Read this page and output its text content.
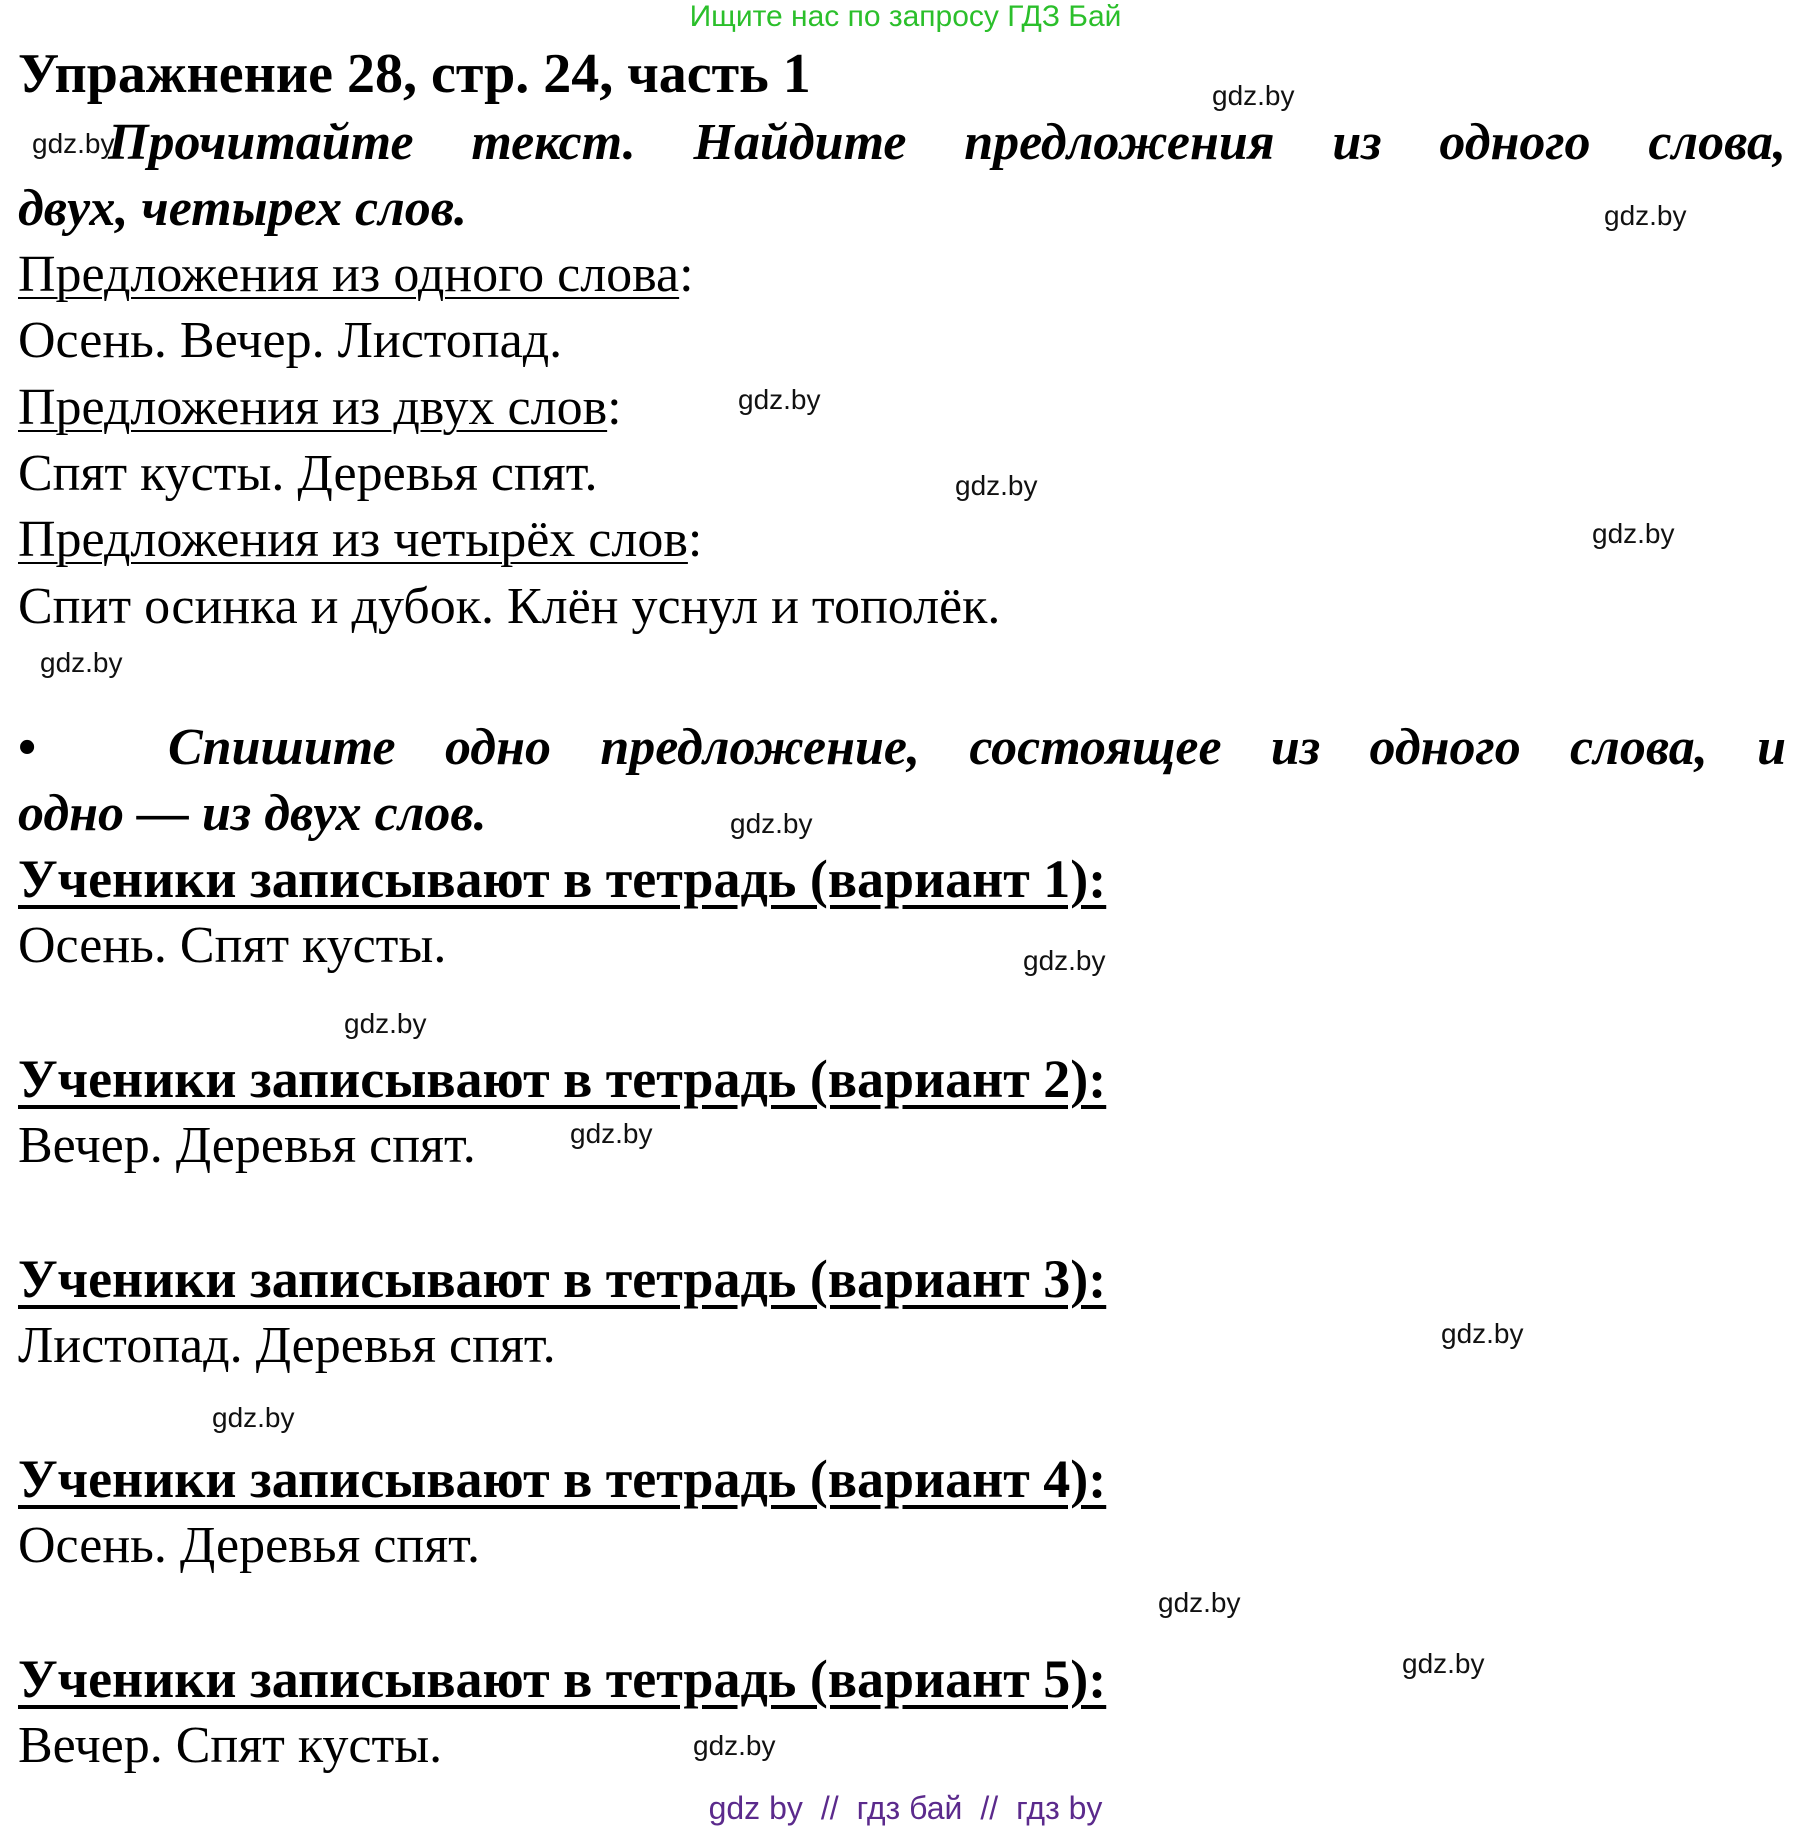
Ищите нас по запросу ГДЗ Бай
Упражнение 28, стр. 24, часть 1
Прочитайте текст. Найдите предложения из одного слова,
двух, четырех слов.
Предложения из одного слова:
Осень. Вечер. Листопад.
Предложения из двух слов:
Спят кусты. Деревья спят.
Предложения из четырёх слов:
Спит осинка и дубок. Клён уснул и тополёк.
•	Спишите одно предложение, состоящее из одного слова, и
одно — из двух слов.
Ученики записывают в тетрадь (вариант 1):
Осень. Спят кусты.
Ученики записывают в тетрадь (вариант 2):
Вечер. Деревья спят.
Ученики записывают в тетрадь (вариант 3):
Листопад. Деревья спят.
Ученики записывают в тетрадь (вариант 4):
Осень. Деревья спят.
Ученики записывают в тетрадь (вариант 5):
Вечер. Спят кусты.
gdz.by
gdz.by
gdz.by
gdz.by
gdz.by
gdz.by
gdz.by
gdz.by
gdz.by
gdz.by
gdz.by
gdz.by
gdz.by
gdz.by
gdz.by
gdz.by
gdz by // гдз бай // гдз by
